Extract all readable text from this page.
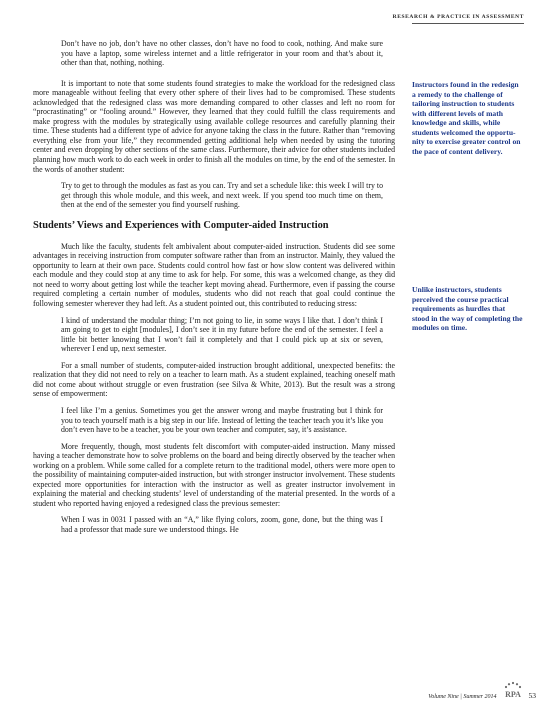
RESEARCH & PRACTICE IN ASSESSMENT

Don’t have no job, don’t have no other classes, don’t have no food to cook, nothing. And make sure you have a laptop, some wireless internet and a little refrigerator in your room and that’s about it, other than that, nothing, nothing.

It is important to note that some students found strategies to make the workload for the redesigned class more manageable without feeling that every other sphere of their lives had to be compromised. These students acknowledged that the redesigned class was more demanding compared to other classes and left no room for “procrastinating” or “fooling around.” However, they learned that they could fulfill the class requirements and make progress with the modules by strategically using available college resources and carefully planning their time. These students had a different type of advice for anyone taking the class in the future. Rather than “removing everything else from your life,” they recommended getting additional help when needed by using the tutoring center and even dropping by other sections of the same class. Furthermore, their advice for other students included planning how much work to do each week in order to finish all the modules on time, by the end of the semester. In the words of another student:

Try to get to through the modules as fast as you can. Try and set a schedule like: this week I will try to get through this whole module, and this week, and next week. If you spend too much time on them, then at the end of the semester you find yourself rushing.

Students’ Views and Experiences with Computer-aided Instruction

Much like the faculty, students felt ambivalent about computer-aided instruction. Students did see some advantages in receiving instruction from computer software rather than from an instructor. Mainly, they valued the opportunity to learn at their own pace. Students could control how fast or how slow content was delivered within each module and they could stop at any time to ask for help. For some, this was a welcomed change, as they did not need to worry about getting lost while the teacher kept moving ahead. Furthermore, even if passing the course required completing a certain number of modules, students who did not reach that goal could continue the following semester wherever they had left. As a student pointed out, this contributed to reducing stress:

I kind of understand the modular thing; I’m not going to lie, in some ways I like that. I don’t think I am going to get to eight [modules], I don’t see it in my future before the end of the semester. I feel a little bit better knowing that I won’t fail it completely and that I could pick up at six or seven, wherever I end up, next semester.

For a small number of students, computer-aided instruction brought additional, unexpected benefits: the realization that they did not need to rely on a teacher to learn math. As a student explained, teaching oneself math did not come about without struggle or even frustration (see Silva & White, 2013). But the result was a strong sense of empowerment:

I feel like I’m a genius. Sometimes you get the answer wrong and maybe frustrating but I think for you to teach yourself math is a big step in our life. Instead of letting the teacher teach you it’s like you don’t even have to be a teacher, you be your own teacher and computer, say, it’s assistance.

More frequently, though, most students felt discomfort with computer-aided instruction. Many missed having a teacher demonstrate how to solve problems on the board and being directly observed by the teacher when working on a problem. While some called for a complete return to the traditional model, others were more open to the possibility of maintaining computer-aided instruction, but with stronger instructor involvement. These students expected more opportunities for interaction with the instructor as well as greater instructor involvement in explaining the material and checking students’ level of understanding of the material presented. In the words of a student who reported having enjoyed a redesigned class the previous semester:

When I was in 0031 I passed with an “A,” like flying colors, zoom, gone, done, but the thing was I had a professor that made sure we understood things. He

Instructors found in the redesign a remedy to the challenge of tailoring instruction to students with different levels of math knowledge and skills, while students welcomed the opportu-nity to exercise greater control on the pace of content delivery.
Unlike instructors, students perceived the course practical requirements as hurdles that stood in the way of completing the modules on time.
Volume Nine | Summer 2014 RPA 53
